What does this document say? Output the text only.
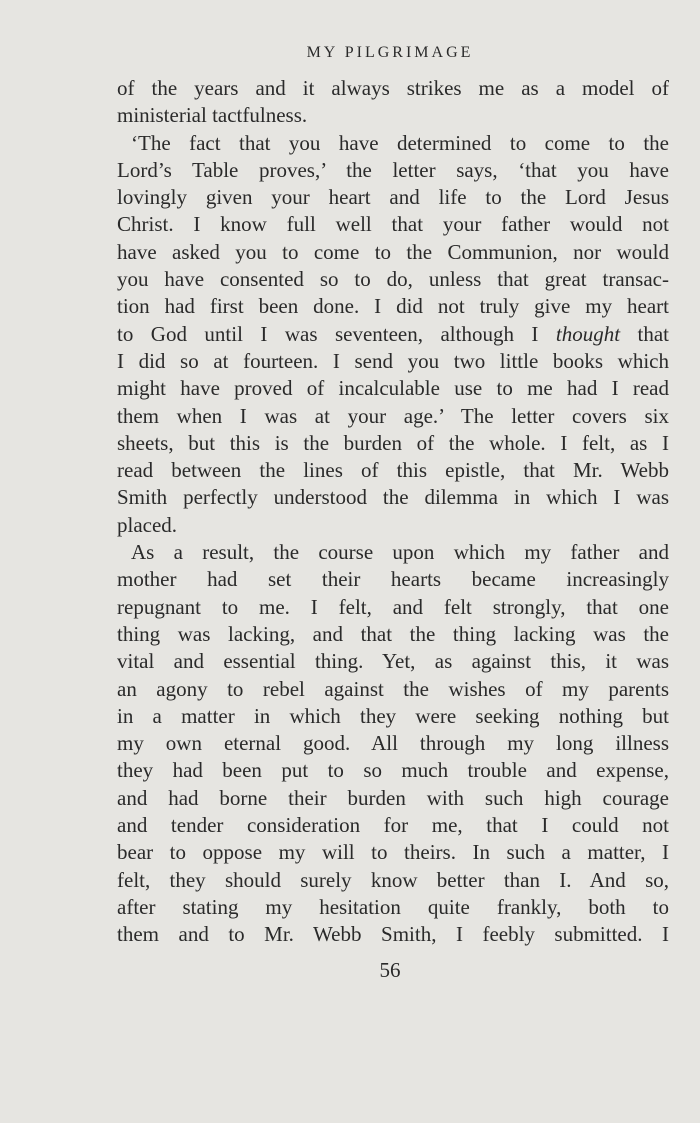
MY PILGRIMAGE
of the years and it always strikes me as a model of
ministerial tactfulness.
‘The fact that you have determined to come to the
Lord’s Table proves,’ the letter says, ‘that you have
lovingly given your heart and life to the Lord Jesus
Christ. I know full well that your father would not
have asked you to come to the Communion, nor would
you have consented so to do, unless that great transac-
tion had first been done. I did not truly give my heart
to God until I was seventeen, although I thought that
I did so at fourteen. I send you two little books which
might have proved of incalculable use to me had I read
them when I was at your age.’ The letter covers six
sheets, but this is the burden of the whole. I felt, as I
read between the lines of this epistle, that Mr. Webb
Smith perfectly understood the dilemma in which I was
placed.
As a result, the course upon which my father and
mother had set their hearts became increasingly
repugnant to me. I felt, and felt strongly, that one
thing was lacking, and that the thing lacking was the
vital and essential thing. Yet, as against this, it was
an agony to rebel against the wishes of my parents
in a matter in which they were seeking nothing but
my own eternal good. All through my long illness
they had been put to so much trouble and expense,
and had borne their burden with such high courage
and tender consideration for me, that I could not
bear to oppose my will to theirs. In such a matter, I
felt, they should surely know better than I. And so,
after stating my hesitation quite frankly, both to
them and to Mr. Webb Smith, I feebly submitted. I
56
